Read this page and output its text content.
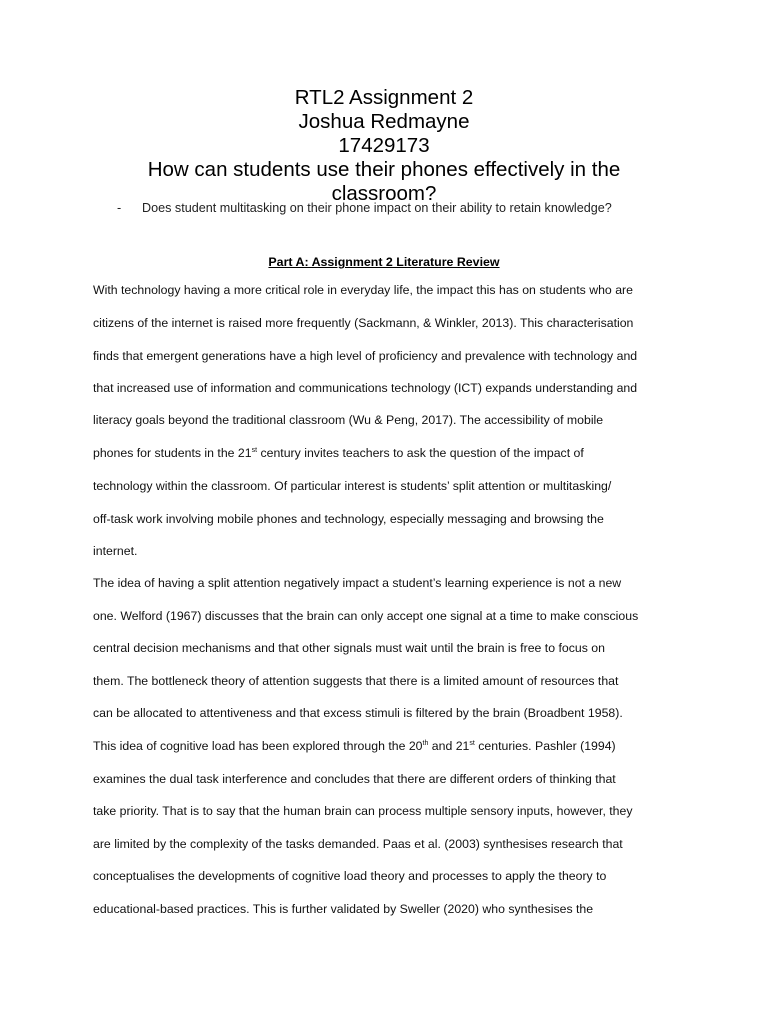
RTL2 Assignment 2
Joshua Redmayne
17429173
How can students use their phones effectively in the classroom?
- Does student multitasking on their phone impact on their ability to retain knowledge?
Part A: Assignment 2 Literature Review
With technology having a more critical role in everyday life, the impact this has on students who are
citizens of the internet is raised more frequently (Sackmann, & Winkler, 2013). This characterisation
finds that emergent generations have a high level of proficiency and prevalence with technology and
that increased use of information and communications technology (ICT) expands understanding and
literacy goals beyond the traditional classroom (Wu & Peng, 2017). The accessibility of mobile
phones for students in the 21st century invites teachers to ask the question of the impact of
technology within the classroom. Of particular interest is students’ split attention or multitasking/
off-task work involving mobile phones and technology, especially messaging and browsing the
internet.
The idea of having a split attention negatively impact a student’s learning experience is not a new
one. Welford (1967) discusses that the brain can only accept one signal at a time to make conscious
central decision mechanisms and that other signals must wait until the brain is free to focus on
them. The bottleneck theory of attention suggests that there is a limited amount of resources that
can be allocated to attentiveness and that excess stimuli is filtered by the brain (Broadbent 1958).
This idea of cognitive load has been explored through the 20th and 21st centuries. Pashler (1994)
examines the dual task interference and concludes that there are different orders of thinking that
take priority. That is to say that the human brain can process multiple sensory inputs, however, they
are limited by the complexity of the tasks demanded. Paas et al. (2003) synthesises research that
conceptualises the developments of cognitive load theory and processes to apply the theory to
educational-based practices. This is further validated by Sweller (2020) who synthesises the
